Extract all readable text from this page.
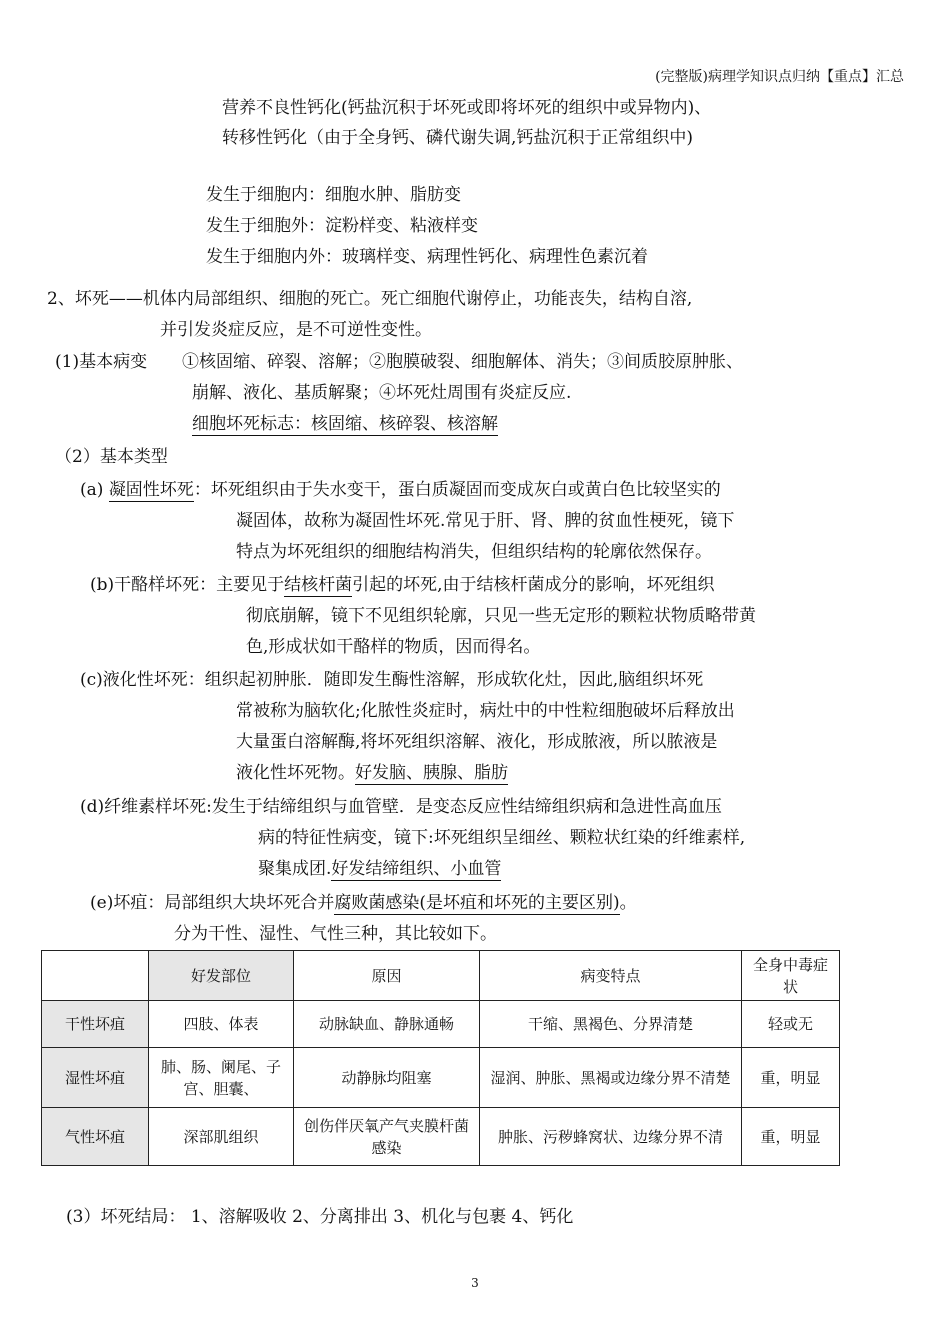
(完整版)病理学知识点归纳【重点】汇总
营养不良性钙化(钙盐沉积于坏死或即将坏死的组织中或异物内)、
转移性钙化（由于全身钙、磷代谢失调,钙盐沉积于正常组织中)
发生于细胞内：细胞水肿、脂肪变
发生于细胞外：淀粉样变、粘液样变
发生于细胞内外：玻璃样变、病理性钙化、病理性色素沉着
2、坏死——机体内局部组织、细胞的死亡。死亡细胞代谢停止，功能丧失，结构自溶,
并引发炎症反应，是不可逆性变性。
(1)基本病变 ①核固缩、碎裂、溶解；②胞膜破裂、细胞解体、消失；③间质胶原肿胀、
崩解、液化、基质解聚；④坏死灶周围有炎症反应.
细胞坏死标志：核固缩、核碎裂、核溶解
（2）基本类型
(a) 凝固性坏死：坏死组织由于失水变干，蛋白质凝固而变成灰白或黄白色比较坚实的
凝固体，故称为凝固性坏死.常见于肝、肾、脾的贫血性梗死，镜下
特点为坏死组织的细胞结构消失，但组织结构的轮廓依然保存。
(b)干酪样坏死：主要见于结核杆菌引起的坏死,由于结核杆菌成分的影响，坏死组织
彻底崩解，镜下不见组织轮廓，只见一些无定形的颗粒状物质略带黄
色,形成状如干酪样的物质，因而得名。
(c)液化性坏死：组织起初肿胀．随即发生酶性溶解，形成软化灶，因此,脑组织坏死
常被称为脑软化;化脓性炎症时，病灶中的中性粒细胞破坏后释放出
大量蛋白溶解酶,将坏死组织溶解、液化，形成脓液，所以脓液是
液化性坏死物。好发脑、胰腺、脂肪
(d)纤维素样坏死:发生于结缔组织与血管壁．是变态反应性结缔组织病和急进性高血压
病的特征性病变，镜下:坏死组织呈细丝、颗粒状红染的纤维素样,
聚集成团.好发结缔组织、小血管
(e)坏疽：局部组织大块坏死合并腐败菌感染(是坏疽和坏死的主要区别)。
分为干性、湿性、气性三种，其比较如下。
	好发部位	原因	病变特点	全身中毒症状
干性坏疽	四肢、体表	动脉缺血、静脉通畅	干缩、黑褐色、分界清楚	轻或无
湿性坏疽	肺、肠、阑尾、子宫、胆囊、	动静脉均阻塞	湿润、肿胀、黑褐或边缘分界不清楚	重，明显
气性坏疽	深部肌组织	创伤伴厌氧产气夹膜杆菌感染	肿胀、污秽蜂窝状、边缘分界不清	重，明显
(3）坏死结局： 1、溶解吸收 2、分离排出 3、机化与包裹 4、钙化
3
